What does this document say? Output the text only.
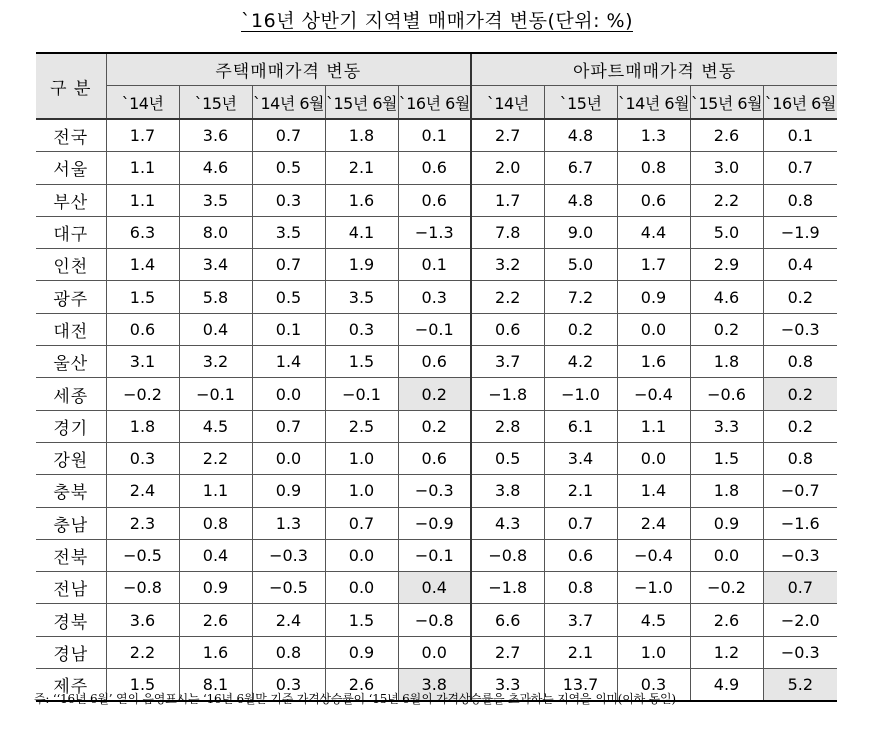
`16년 상반기 지역별 매매가격 변동(단위: %)
구 분	주택매매가격 변동					아파트매매가격 변동				
	`14년	`15년	`14년 6월	`15년 6월	`16년 6월	`14년	`15년	`14년 6월	`15년 6월	`16년 6월
전국	1.7	3.6	0.7	1.8	0.1	2.7	4.8	1.3	2.6	0.1
서울	1.1	4.6	0.5	2.1	0.6	2.0	6.7	0.8	3.0	0.7
부산	1.1	3.5	0.3	1.6	0.6	1.7	4.8	0.6	2.2	0.8
대구	6.3	8.0	3.5	4.1	−1.3	7.8	9.0	4.4	5.0	−1.9
인천	1.4	3.4	0.7	1.9	0.1	3.2	5.0	1.7	2.9	0.4
광주	1.5	5.8	0.5	3.5	0.3	2.2	7.2	0.9	4.6	0.2
대전	0.6	0.4	0.1	0.3	−0.1	0.6	0.2	0.0	0.2	−0.3
울산	3.1	3.2	1.4	1.5	0.6	3.7	4.2	1.6	1.8	0.8
세종	−0.2	−0.1	0.0	−0.1	0.2	−1.8	−1.0	−0.4	−0.6	0.2
경기	1.8	4.5	0.7	2.5	0.2	2.8	6.1	1.1	3.3	0.2
강원	0.3	2.2	0.0	1.0	0.6	0.5	3.4	0.0	1.5	0.8
충북	2.4	1.1	0.9	1.0	−0.3	3.8	2.1	1.4	1.8	−0.7
충남	2.3	0.8	1.3	0.7	−0.9	4.3	0.7	2.4	0.9	−1.6
전북	−0.5	0.4	−0.3	0.0	−0.1	−0.8	0.6	−0.4	0.0	−0.3
전남	−0.8	0.9	−0.5	0.0	0.4	−1.8	0.8	−1.0	−0.2	0.7
경북	3.6	2.6	2.4	1.5	−0.8	6.6	3.7	4.5	2.6	−2.0
경남	2.2	1.6	0.8	0.9	0.0	2.7	2.1	1.0	1.2	−0.3
제주	1.5	8.1	0.3	2.6	3.8	3.3	13.7	0.3	4.9	5.2
주: ‘‘16년 6월’ 열의 음영표시는 ‘16년 6월말 기준 가격상승률이 ‘15년 6월의 가격상승률을 초과하는 지역을 의미(이하 동일)
